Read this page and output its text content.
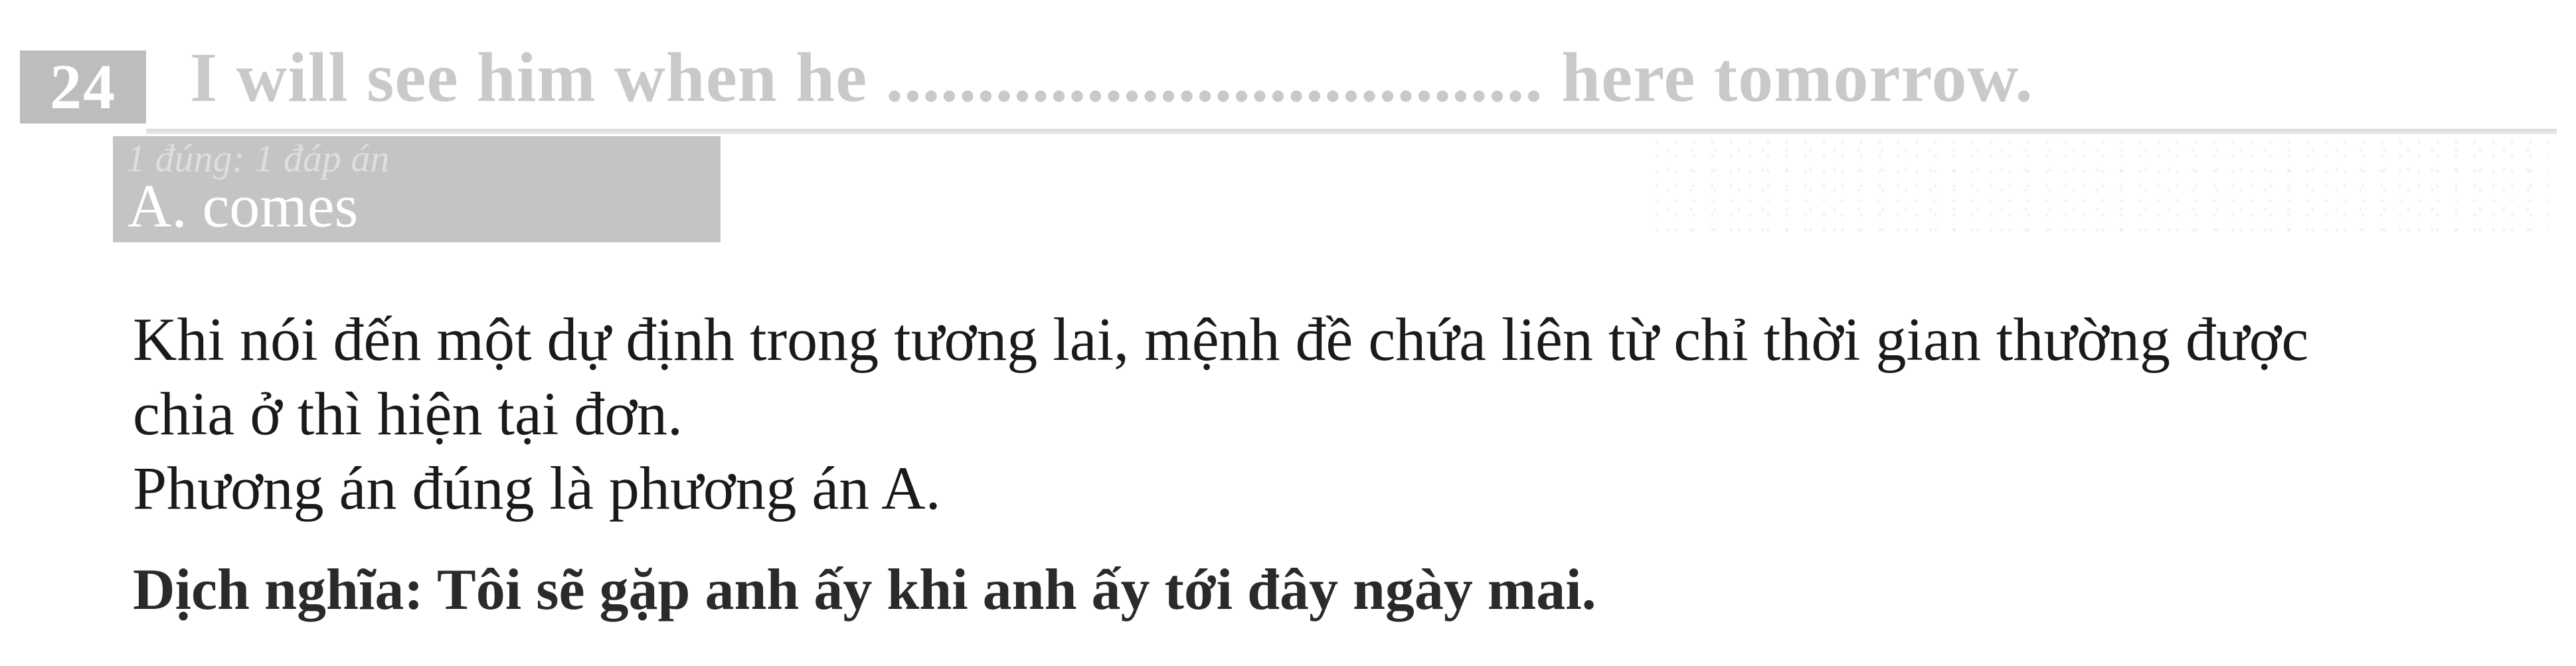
24	I will see him when he .................................... here tomorrow.
1 đúng: 1 đáp án
A. comes

Khi nói đến một dự định trong tương lai, mệnh đề chứa liên từ chỉ thời gian thường được

chia ở thì hiện tại đơn.

Phương án đúng là phương án A.

Dịch nghĩa: Tôi sẽ gặp anh ấy khi anh ấy tới đây ngày mai.
